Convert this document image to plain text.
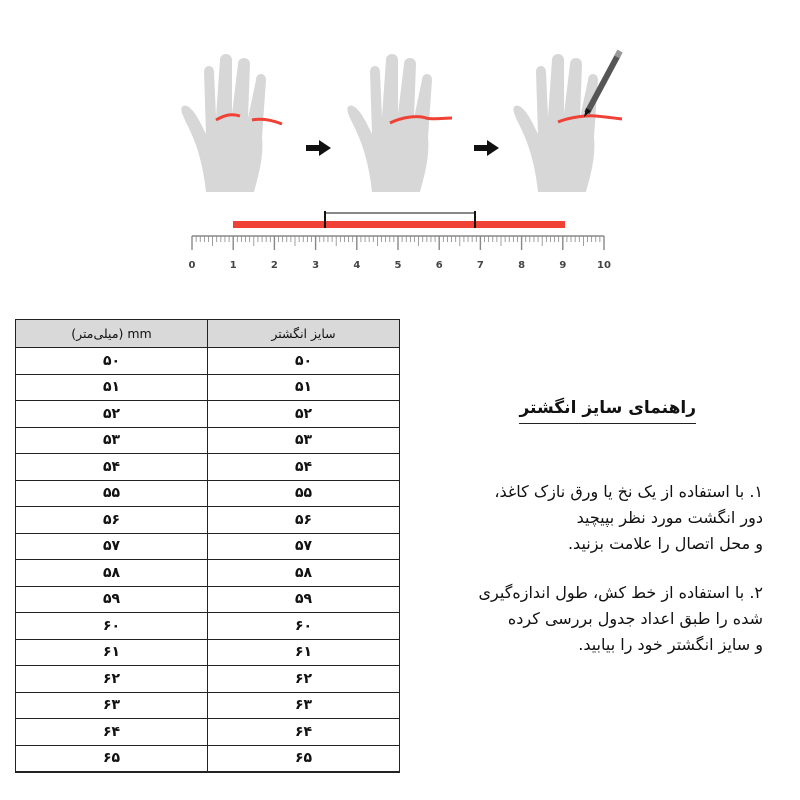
0	1	2	3	4	5	6	7	8	9	10
سایز انگشتر	mm (میلی‌متر)
۵۰	۵۰
۵۱	۵۱
۵۲	۵۲
۵۳	۵۳
۵۴	۵۴
۵۵	۵۵
۵۶	۵۶
۵۷	۵۷
۵۸	۵۸
۵۹	۵۹
۶۰	۶۰
۶۱	۶۱
۶۲	۶۲
۶۳	۶۳
۶۴	۶۴
۶۵	۶۵
راهنمای سایز انگشتر

۱. با استفاده از یک نخ یا ورق نازک کاغذ،
دور انگشت مورد نظر بپیچید
و محل اتصال را علامت بزنید.

۲. با استفاده از خط کش، طول اندازه‌گیری
شده را طبق اعداد جدول بررسی کرده
و سایز انگشتر خود را بیابید.
